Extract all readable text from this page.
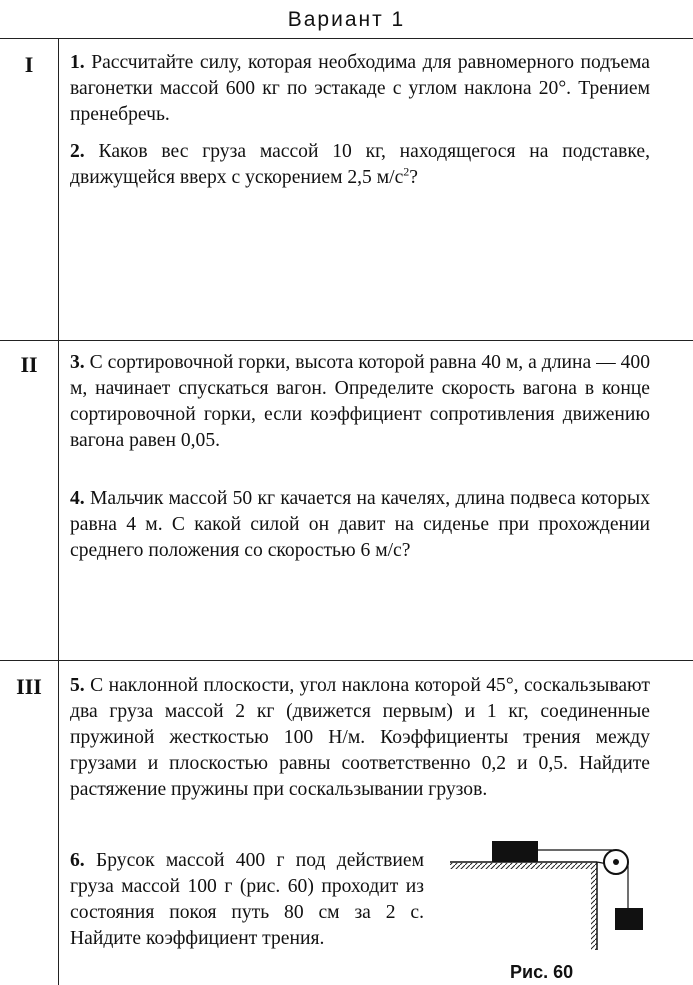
Вариант 1
I
II
III

1. Рассчитайте силу, которая необходима для равномерного подъема вагонетки массой 600 кг по эстакаде с углом наклона 20°. Трением пренебречь.

2. Каков вес груза массой 10 кг, находящегося на подставке, движущейся вверх с ускорением 2,5 $м/с^2$?

3. С сортировочной горки, высота которой равна 40 м, а длина — 400 м, начинает спускаться вагон. Определите скорость вагона в конце сортировочной горки, если коэффициент сопротивления движению вагона равен 0,05.

4. Мальчик массой 50 кг качается на качелях, длина подвеса которых равна 4 м. С какой силой он давит на сиденье при прохождении среднего положения со скоростью 6 м/с?

5. С наклонной плоскости, угол наклона которой 45°, соскальзывают два груза массой 2 кг (движется первым) и 1 кг, соединенные пружиной жесткостью 100 Н/м. Коэффициенты трения между грузами и плоскостью равны соответственно 0,2 и 0,5. Найдите растяжение пружины при соскальзывании грузов.

6. Брусок массой 400 г под действием груза массой 100 г (рис. 60) проходит из состояния покоя путь 80 см за 2 с. Найдите коэффициент трения.

Рис. 60
